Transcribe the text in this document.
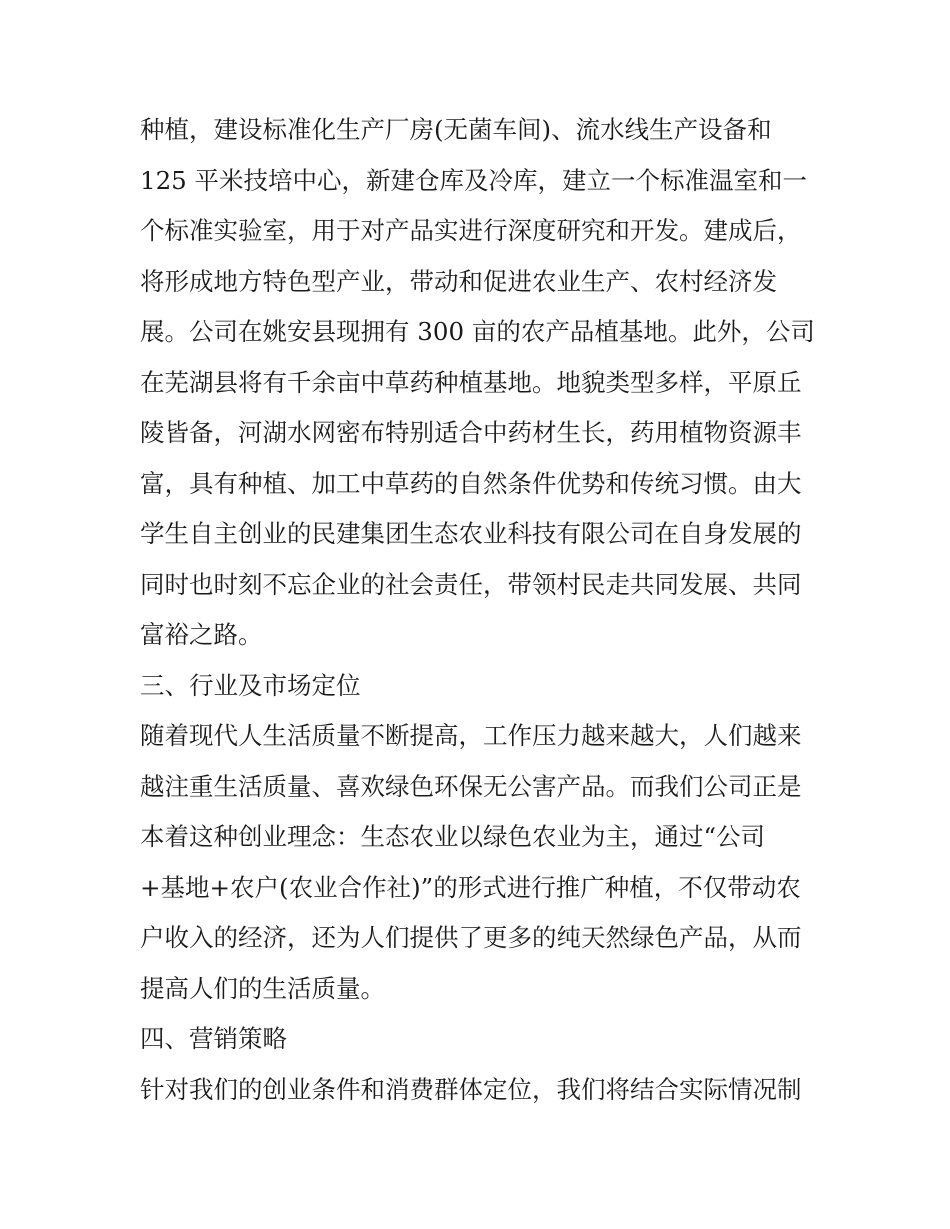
种植，建设标准化生产厂房(无菌车间)、流水线生产设备和
125 平米技培中心，新建仓库及冷库，建立一个标准温室和一
个标准实验室，用于对产品实进行深度研究和开发。建成后，
将形成地方特色型产业，带动和促进农业生产、农村经济发
展。公司在姚安县现拥有 300 亩的农产品植基地。此外，公司
在芜湖县将有千余亩中草药种植基地。地貌类型多样，平原丘
陵皆备，河湖水网密布特别适合中药材生长，药用植物资源丰
富，具有种植、加工中草药的自然条件优势和传统习惯。由大
学生自主创业的民建集团生态农业科技有限公司在自身发展的
同时也时刻不忘企业的社会责任，带领村民走共同发展、共同
富裕之路。
三、行业及市场定位
随着现代人生活质量不断提高，工作压力越来越大，人们越来
越注重生活质量、喜欢绿色环保无公害产品。而我们公司正是
本着这种创业理念：生态农业以绿色农业为主，通过“公司
+基地+农户(农业合作社)”的形式进行推广种植，不仅带动农
户收入的经济，还为人们提供了更多的纯天然绿色产品，从而
提高人们的生活质量。
四、营销策略
针对我们的创业条件和消费群体定位，我们将结合实际情况制
